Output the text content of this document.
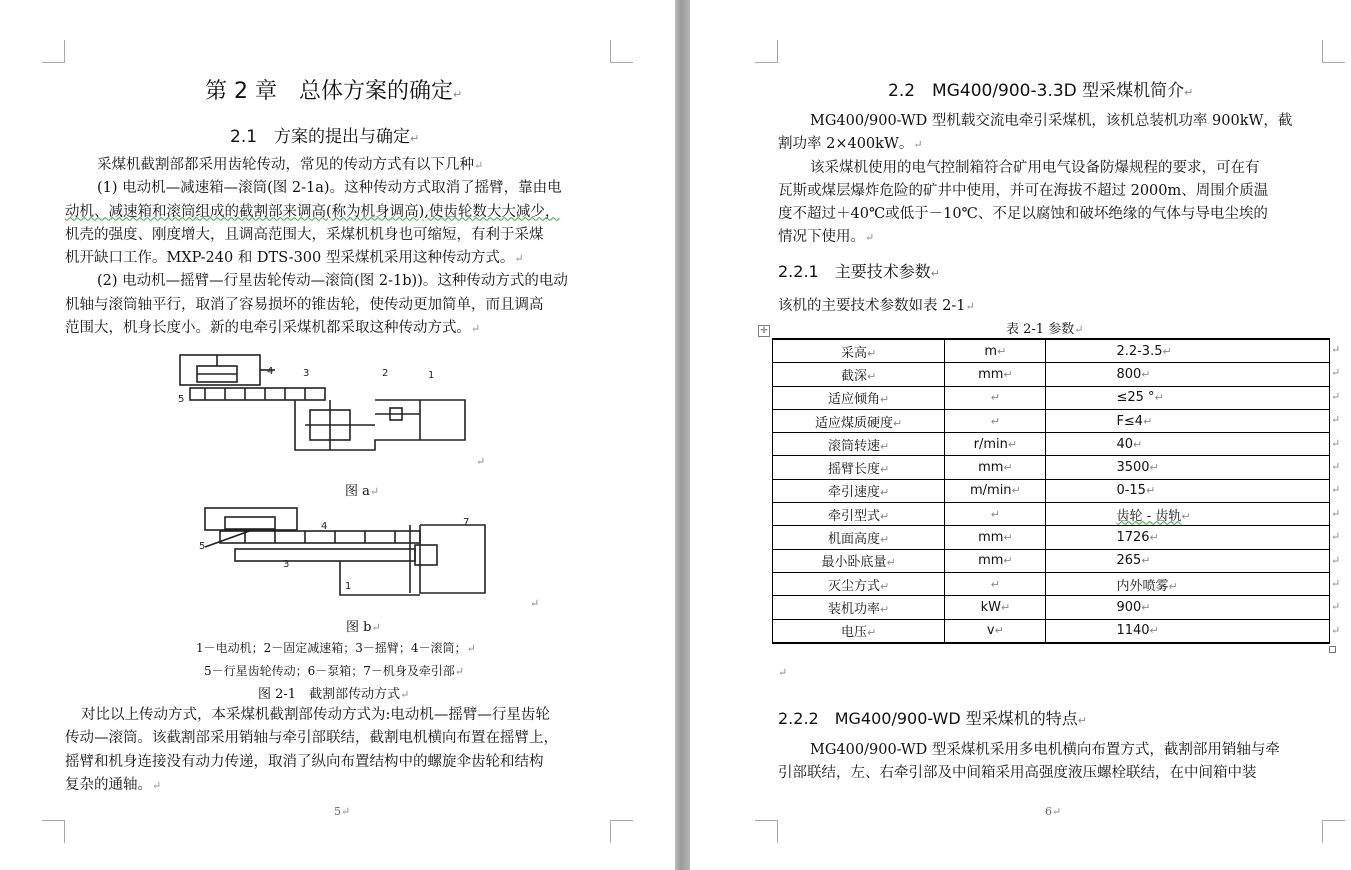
第 2 章　总体方案的确定↵
2.1　方案的提出与确定↵

采煤机截割部都采用齿轮传动，常见的传动方式有以下几种↵

(1) 电动机—减速箱—滚筒(图 2-1a)。这种传动方式取消了摇臂，靠由电

动机、减速箱和滚筒组成的截割部来调高(称为机身调高),使齿轮数大大减少，

机壳的强度、刚度增大，且调高范围大，采煤机机身也可缩短，有利于采煤

机开缺口工作。MXP-240 和 DTS-300 型采煤机采用这种传动方式。↵

(2) 电动机—摇臂—行星齿轮传动—滚筒(图 2-1b))。这种传动方式的电动

机轴与滚筒轴平行，取消了容易损坏的锥齿轮，使传动更加简单，而且调高

范围大，机身长度小。新的电牵引采煤机都采取这种传动方式。↵

4	3	2	1
5
↵
图 a↵
4
5
3
1
7
↵
图 b↵
1－电动机；2－固定减速箱；3－摇臂；4－滚筒；↵
5－行星齿轮传动；6－泵箱；7－机身及牵引部↵
图 2-1　截割部传动方式↵

对比以上传动方式，本采煤机截割部传动方式为:电动机—摇臂—行星齿轮

传动—滚筒。该截割部采用销轴与牵引部联结，截割电机横向布置在摇臂上，

摇臂和机身连接没有动力传递，取消了纵向布置结构中的螺旋伞齿轮和结构

复杂的通轴。↵

5↵
2.2　MG400/900-3.3D 型采煤机简介↵

MG400/900-WD 型机载交流电牵引采煤机，该机总装机功率 900kW，截

割功率 2×400kW。↵

该采煤机使用的电气控制箱符合矿用电气设备防爆规程的要求，可在有

瓦斯或煤层爆炸危险的矿井中使用，并可在海拔不超过 2000m、周围介质温

度不超过＋40℃或低于－10℃、不足以腐蚀和破坏绝缘的气体与导电尘埃的

情况下使用。↵

2.2.1　主要技术参数↵
该机的主要技术参数如表 2-1↵
✛	表 2-1 参数↵
采高↵	m↵	2.2-3.5↵
截深↵	mm↵	800↵
适应倾角↵	↵	≤25 °↵
适应煤质硬度↵	↵	F≤4↵
滚筒转速↵	r/min↵	40↵
摇臂长度↵	mm↵	3500↵
牵引速度↵	m/min↵	0-15↵
牵引型式↵	↵	齿轮 - 齿轨↵
机面高度↵	mm↵	1726↵
最小卧底量↵	mm↵	265↵
灭尘方式↵	↵	内外喷雾↵
装机功率↵	kW↵	900↵
电压↵	v↵	1140↵
↵
↵
↵
↵
↵
↵
↵
↵
↵
↵
↵
↵
↵
↵
2.2.2　MG400/900-WD 型采煤机的特点↵

MG400/900-WD 型采煤机采用多电机横向布置方式，截割部用销轴与牵

引部联结，左、右牵引部及中间箱采用高强度液压螺栓联结，在中间箱中装

6↵
